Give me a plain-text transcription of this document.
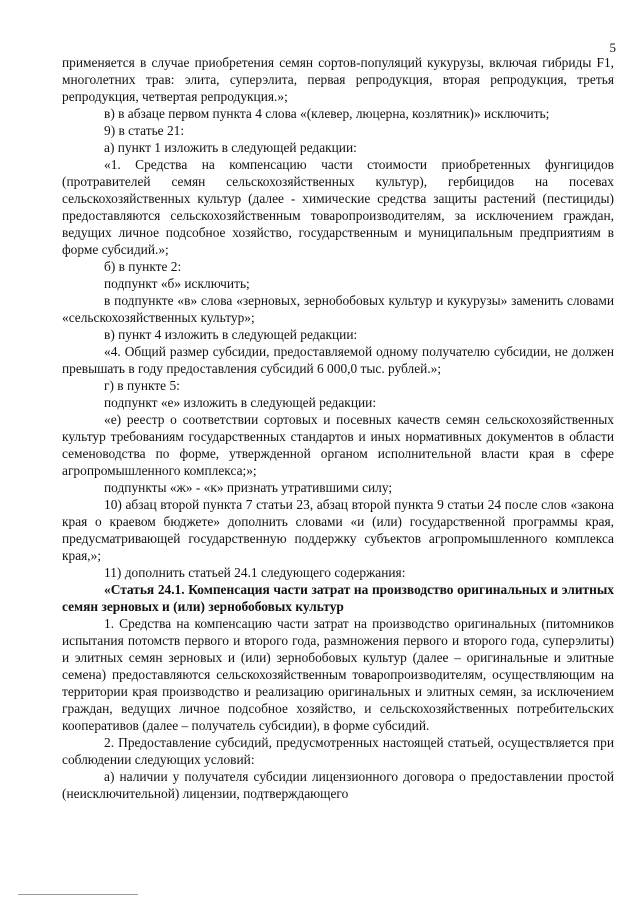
5

применяется в случае приобретения семян сортов-популяций кукурузы, включая гибриды F1, многолетних трав: элита, суперэлита, первая репродукция, вторая репродукция, третья репродукция, четвертая репродукция.»;

в) в абзаце первом пункта 4 слова «(клевер, люцерна, козлятник)» исключить;

9) в статье 21:

а) пункт 1 изложить в следующей редакции:

«1. Средства на компенсацию части стоимости приобретенных фунгицидов (протравителей семян сельскохозяйственных культур), гербицидов на посевах сельскохозяйственных культур (далее - химические средства защиты растений (пестициды) предоставляются сельскохозяйственным товаропроизводителям, за исключением граждан, ведущих личное подсобное хозяйство, государственным и муниципальным предприятиям в форме субсидий.»;

б) в пункте 2:

подпункт «б» исключить;

в подпункте «в» слова «зерновых, зернобобовых культур и кукурузы» заменить словами «сельскохозяйственных культур»;

в) пункт 4 изложить в следующей редакции:

«4. Общий размер субсидии, предоставляемой одному получателю субсидии, не должен превышать в году предоставления субсидий 6 000,0 тыс. рублей.»;

г) в пункте 5:

подпункт «е» изложить в следующей редакции:

«е) реестр о соответствии сортовых и посевных качеств семян сельскохозяйственных культур требованиям государственных стандартов и иных нормативных документов в области семеноводства по форме, утвержденной органом исполнительной власти края в сфере агропромышленного комплекса;»;

подпункты «ж» - «к» признать утратившими силу;

10) абзац второй пункта 7 статьи 23, абзац второй пункта 9 статьи 24 после слов «закона края о краевом бюджете» дополнить словами «и (или) государственной программы края, предусматривающей государственную поддержку субъектов агропромышленного комплекса края,»;

11) дополнить статьей 24.1 следующего содержания:

«Статья 24.1. Компенсация части затрат на производство оригинальных и элитных семян зерновых и (или) зернобобовых культур

1. Средства на компенсацию части затрат на производство оригинальных (питомников испытания потомств первого и второго года, размножения первого и второго года, суперэлиты) и элитных семян зерновых и (или) зернобобовых культур (далее – оригинальные и элитные семена) предоставляются сельскохозяйственным товаропроизводителям, осуществляющим на территории края производство и реализацию оригинальных и элитных семян, за исключением граждан, ведущих личное подсобное хозяйство, и сельскохозяйственных потребительских кооперативов (далее – получатель субсидии), в форме субсидий.

2. Предоставление субсидий, предусмотренных настоящей статьей, осуществляется при соблюдении следующих условий:

а) наличии у получателя субсидии лицензионного договора о предоставлении простой (неисключительной) лицензии, подтверждающего
